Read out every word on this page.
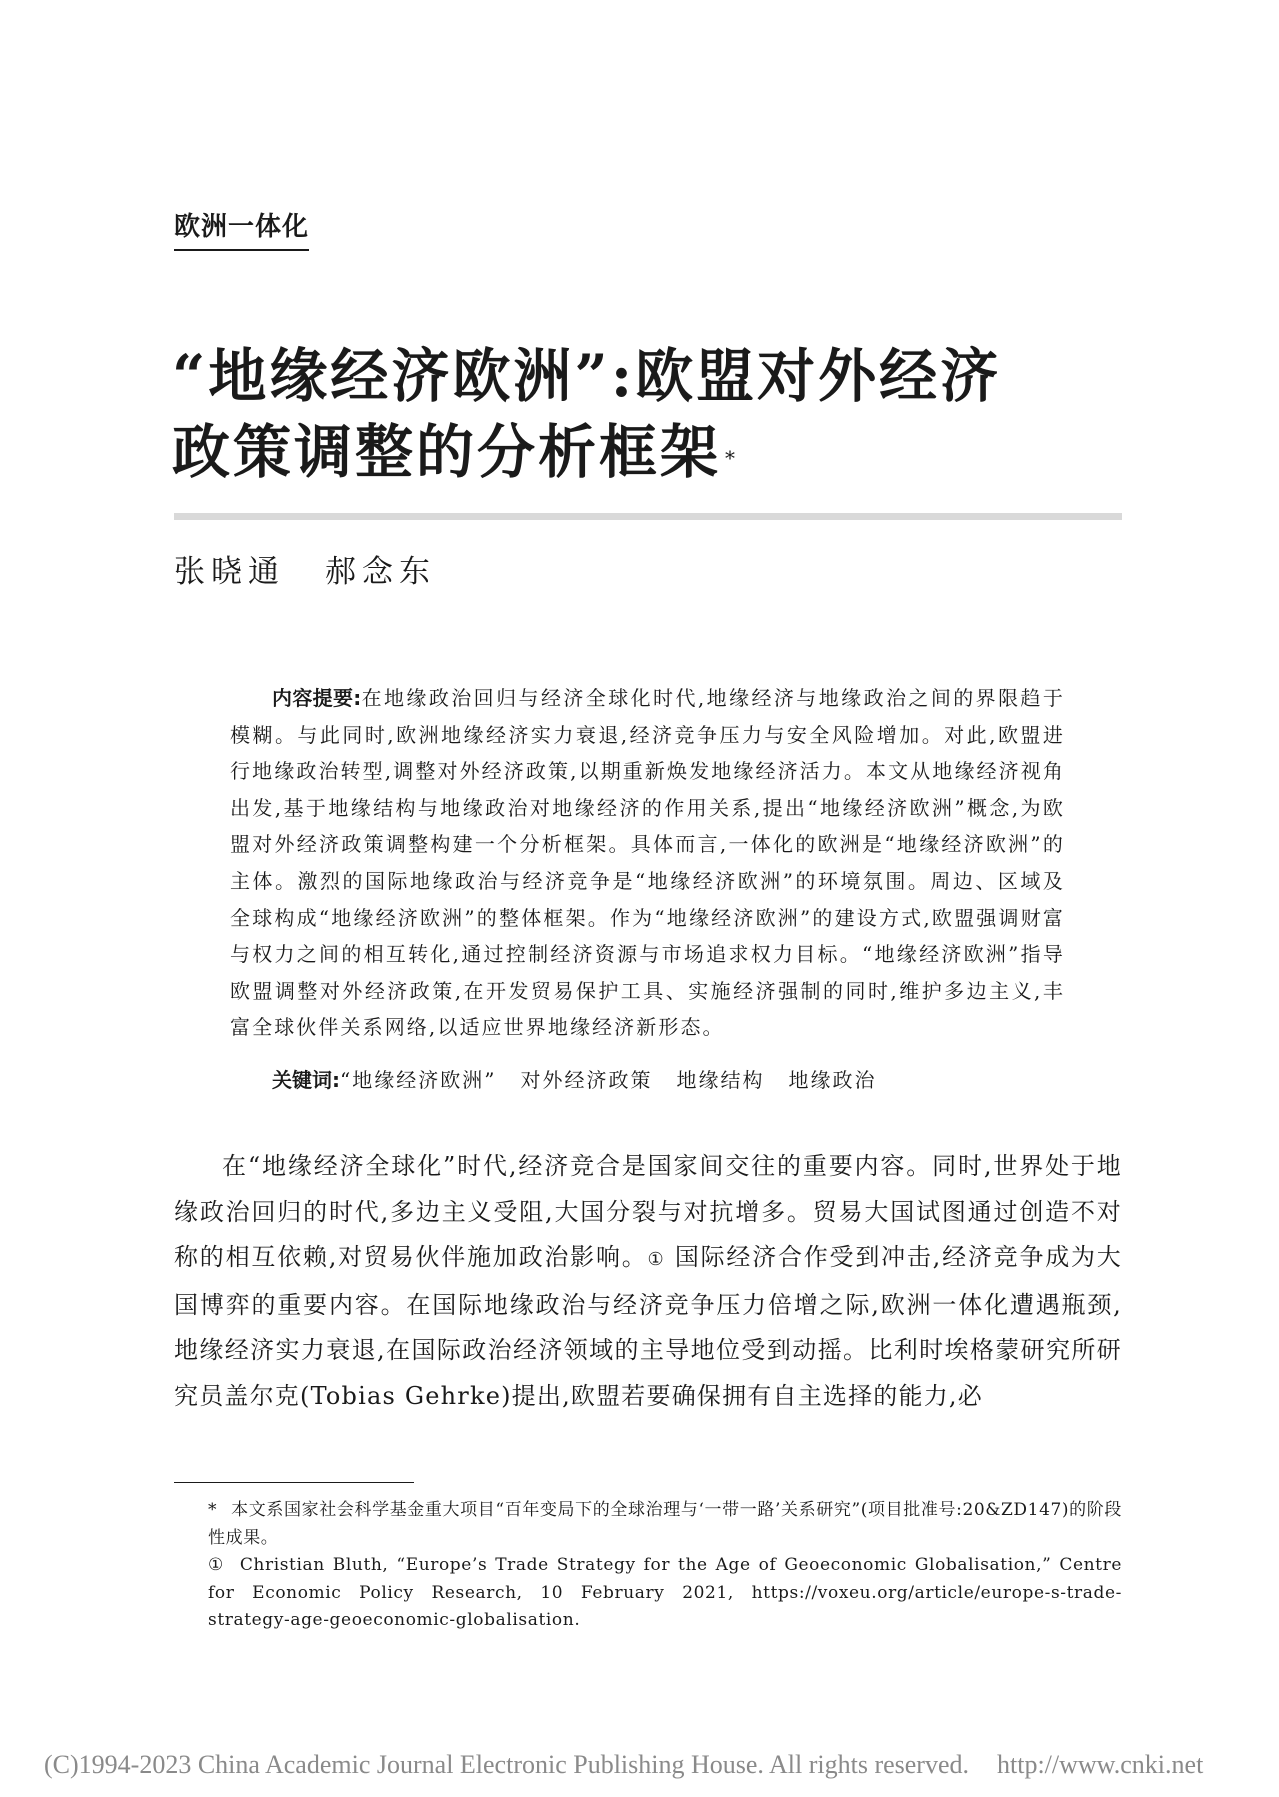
欧洲一体化
“地缘经济欧洲”:欧盟对外经济
政策调整的分析框架 *
张晓通 郝念东

内容提要:在地缘政治回归与经济全球化时代,地缘经济与地缘政治之间的界限趋于模糊。与此同时,欧洲地缘经济实力衰退,经济竞争压力与安全风险增加。对此,欧盟进行地缘政治转型,调整对外经济政策,以期重新焕发地缘经济活力。本文从地缘经济视角出发,基于地缘结构与地缘政治对地缘经济的作用关系,提出“地缘经济欧洲”概念,为欧盟对外经济政策调整构建一个分析框架。具体而言,一体化的欧洲是“地缘经济欧洲”的主体。激烈的国际地缘政治与经济竞争是“地缘经济欧洲”的环境氛围。周边、区域及全球构成“地缘经济欧洲”的整体框架。作为“地缘经济欧洲”的建设方式,欧盟强调财富与权力之间的相互转化,通过控制经济资源与市场追求权力目标。“地缘经济欧洲”指导欧盟调整对外经济政策,在开发贸易保护工具、实施经济强制的同时,维护多边主义,丰富全球伙伴关系网络,以适应世界地缘经济新形态。

关键词:“地缘经济欧洲” 对外经济政策 地缘结构 地缘政治

在“地缘经济全球化”时代,经济竞合是国家间交往的重要内容。同时,世界处于地缘政治回归的时代,多边主义受阻,大国分裂与对抗增多。贸易大国试图通过创造不对称的相互依赖,对贸易伙伴施加政治影响。① 国际经济合作受到冲击,经济竞争成为大国博弈的重要内容。在国际地缘政治与经济竞争压力倍增之际,欧洲一体化遭遇瓶颈,地缘经济实力衰退,在国际政治经济领域的主导地位受到动摇。比利时埃格蒙研究所研究员盖尔克(Tobias Gehrke)提出,欧盟若要确保拥有自主选择的能力,必

* 本文系国家社会科学基金重大项目“百年变局下的全球治理与‘一带一路’关系研究”(项目批准号:20&ZD147)的阶段性成果。

① Christian Bluth, “Europe’s Trade Strategy for the Age of Geoeconomic Globalisation,” Centre for Economic Policy Research, 10 February 2021, https://voxeu.org/article/europe-s-trade-strategy-age-geoeconomic-globalisation.

(C)1994-2023 China Academic Journal Electronic Publishing House. All rights reserved. http://www.cnki.net
